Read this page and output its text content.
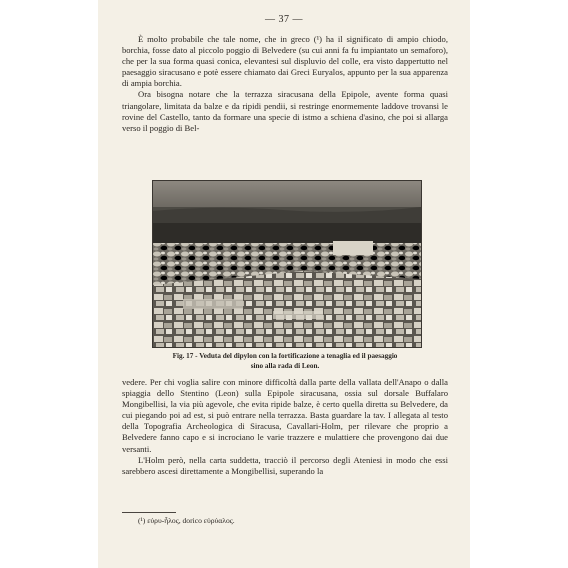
— 37 —

È molto probabile che tale nome, che in greco (¹) ha il significato di ampio chiodo, borchia, fosse dato al piccolo poggio di Belvedere (su cui anni fa fu impiantato un semaforo), che per la sua forma quasi conica, elevantesi sul displuvio del colle, era visto dappertutto nel paesaggio siracusano e potè essere chiamato dai Greci Euryalos, appunto per la sua apparenza di ampia borchia.

Ora bisogna notare che la terrazza siracusana della Epipole, avente forma quasi triangolare, limitata da balze e da ripidi pendii, si restringe enormemente laddove trovansi le rovine del Castello, tanto da formare una specie di istmo a schiena d'asino, che poi si allarga verso il poggio di Bel-

Fig. 17 - Veduta del dipylon con la fortificazione a tenaglia ed il paesaggio
sino alla rada di Leon.

vedere. Per chi voglia salire con minore difficoltà dalla parte della vallata dell'Anapo o dalla spiaggia dello Stentino (Leon) sulla Epipole siracusana, ossia sul dorsale Buffalaro Mongibellisi, la via più agevole, che evita ripide balze, è certo quella diretta su Belvedere, da cui piegando poi ad est, si può entrare nella terrazza. Basta guardare la tav. I allegata al testo della Topografia Archeologica di Siracusa, Cavallari-Holm, per rilevare che proprio a Belvedere fanno capo e si incrociano le varie trazzere e mulattiere che provengono dai due versanti.

L'Holm però, nella carta suddetta, tracciò il percorso degli Ateniesi in modo che essi sarebbero ascesi direttamente a Mongibellisi, superando la

(¹) εὐρυ-ἧλος, dorico εὐρύαλος.
